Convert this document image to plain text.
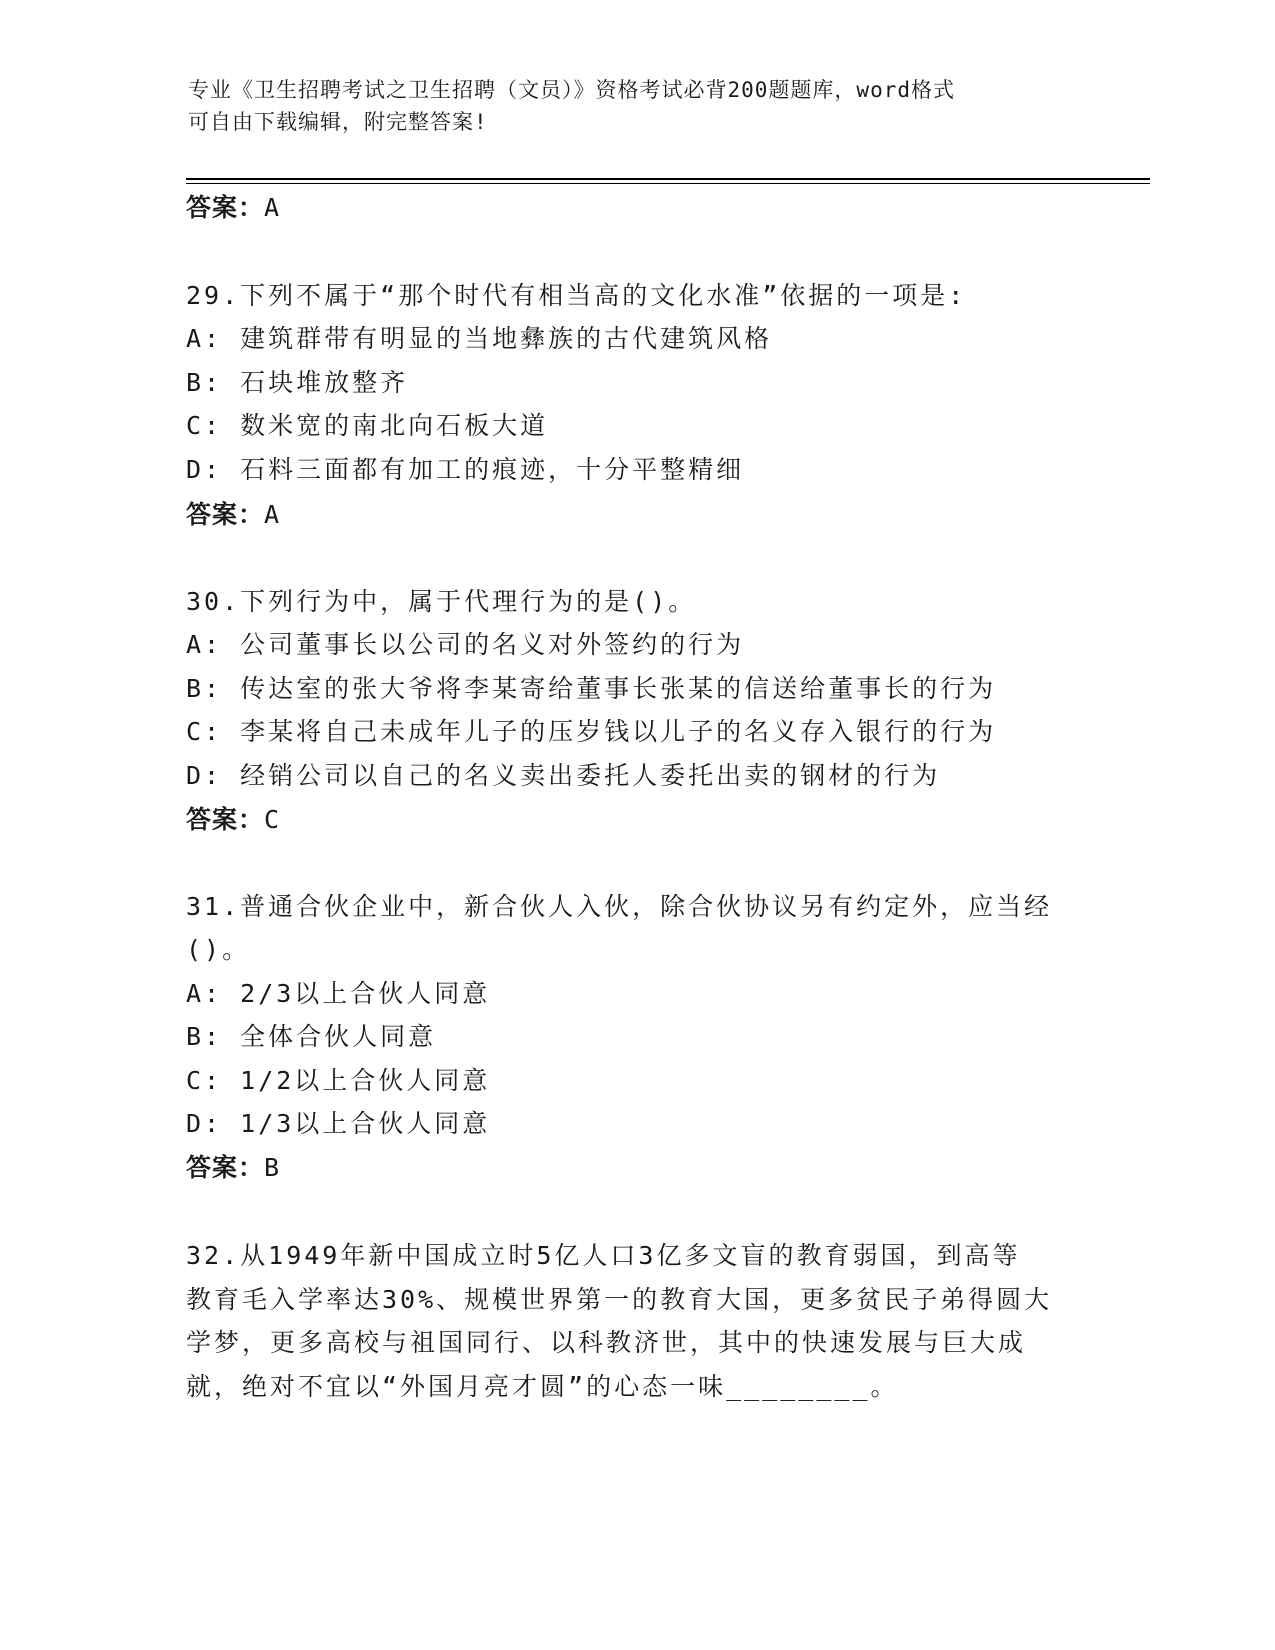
专业《卫生招聘考试之卫生招聘（文员）》资格考试必背200题题库，word格式
可自由下载编辑，附完整答案!
答案：A
29.下列不属于“那个时代有相当高的文化水准”依据的一项是:
A: 建筑群带有明显的当地彝族的古代建筑风格
B: 石块堆放整齐
C: 数米宽的南北向石板大道
D: 石料三面都有加工的痕迹，十分平整精细
答案：A
30.下列行为中，属于代理行为的是()。
A: 公司董事长以公司的名义对外签约的行为
B: 传达室的张大爷将李某寄给董事长张某的信送给董事长的行为
C: 李某将自己未成年儿子的压岁钱以儿子的名义存入银行的行为
D: 经销公司以自己的名义卖出委托人委托出卖的钢材的行为
答案：C
31.普通合伙企业中，新合伙人入伙，除合伙协议另有约定外，应当经
()。
A: 2/3以上合伙人同意
B: 全体合伙人同意
C: 1/2以上合伙人同意
D: 1/3以上合伙人同意
答案：B
32.从1949年新中国成立时5亿人口3亿多文盲的教育弱国，到高等
教育毛入学率达30%、规模世界第一的教育大国，更多贫民子弟得圆大
学梦，更多高校与祖国同行、以科教济世，其中的快速发展与巨大成
就，绝对不宜以“外国月亮才圆”的心态一味________。
